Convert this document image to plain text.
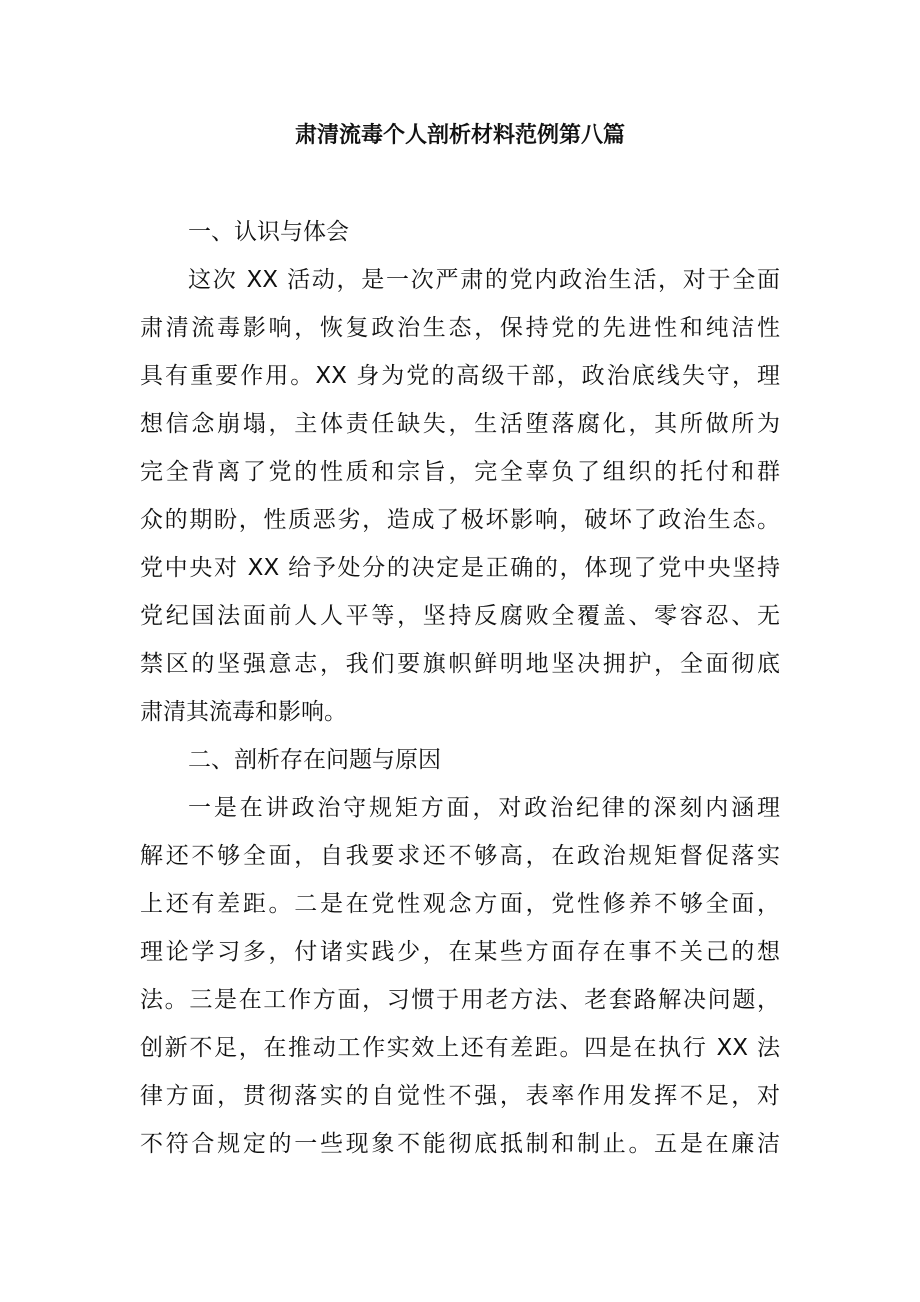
肃清流毒个人剖析材料范例第八篇
一、认识与体会
这次 XX 活动，是一次严肃的党内政治生活，对于全面
肃清流毒影响，恢复政治生态，保持党的先进性和纯洁性
具有重要作用。XX 身为党的高级干部，政治底线失守，理
想信念崩塌，主体责任缺失，生活堕落腐化，其所做所为
完全背离了党的性质和宗旨，完全辜负了组织的托付和群
众的期盼，性质恶劣，造成了极坏影响，破坏了政治生态。
党中央对 XX 给予处分的决定是正确的，体现了党中央坚持
党纪国法面前人人平等，坚持反腐败全覆盖、零容忍、无
禁区的坚强意志，我们要旗帜鲜明地坚决拥护，全面彻底
肃清其流毒和影响。
二、剖析存在问题与原因
一是在讲政治守规矩方面，对政治纪律的深刻内涵理
解还不够全面，自我要求还不够高，在政治规矩督促落实
上还有差距。二是在党性观念方面，党性修养不够全面，
理论学习多，付诸实践少，在某些方面存在事不关己的想
法。三是在工作方面，习惯于用老方法、老套路解决问题，
创新不足，在推动工作实效上还有差距。四是在执行 XX 法
律方面，贯彻落实的自觉性不强，表率作用发挥不足，对
不符合规定的一些现象不能彻底抵制和制止。五是在廉洁
